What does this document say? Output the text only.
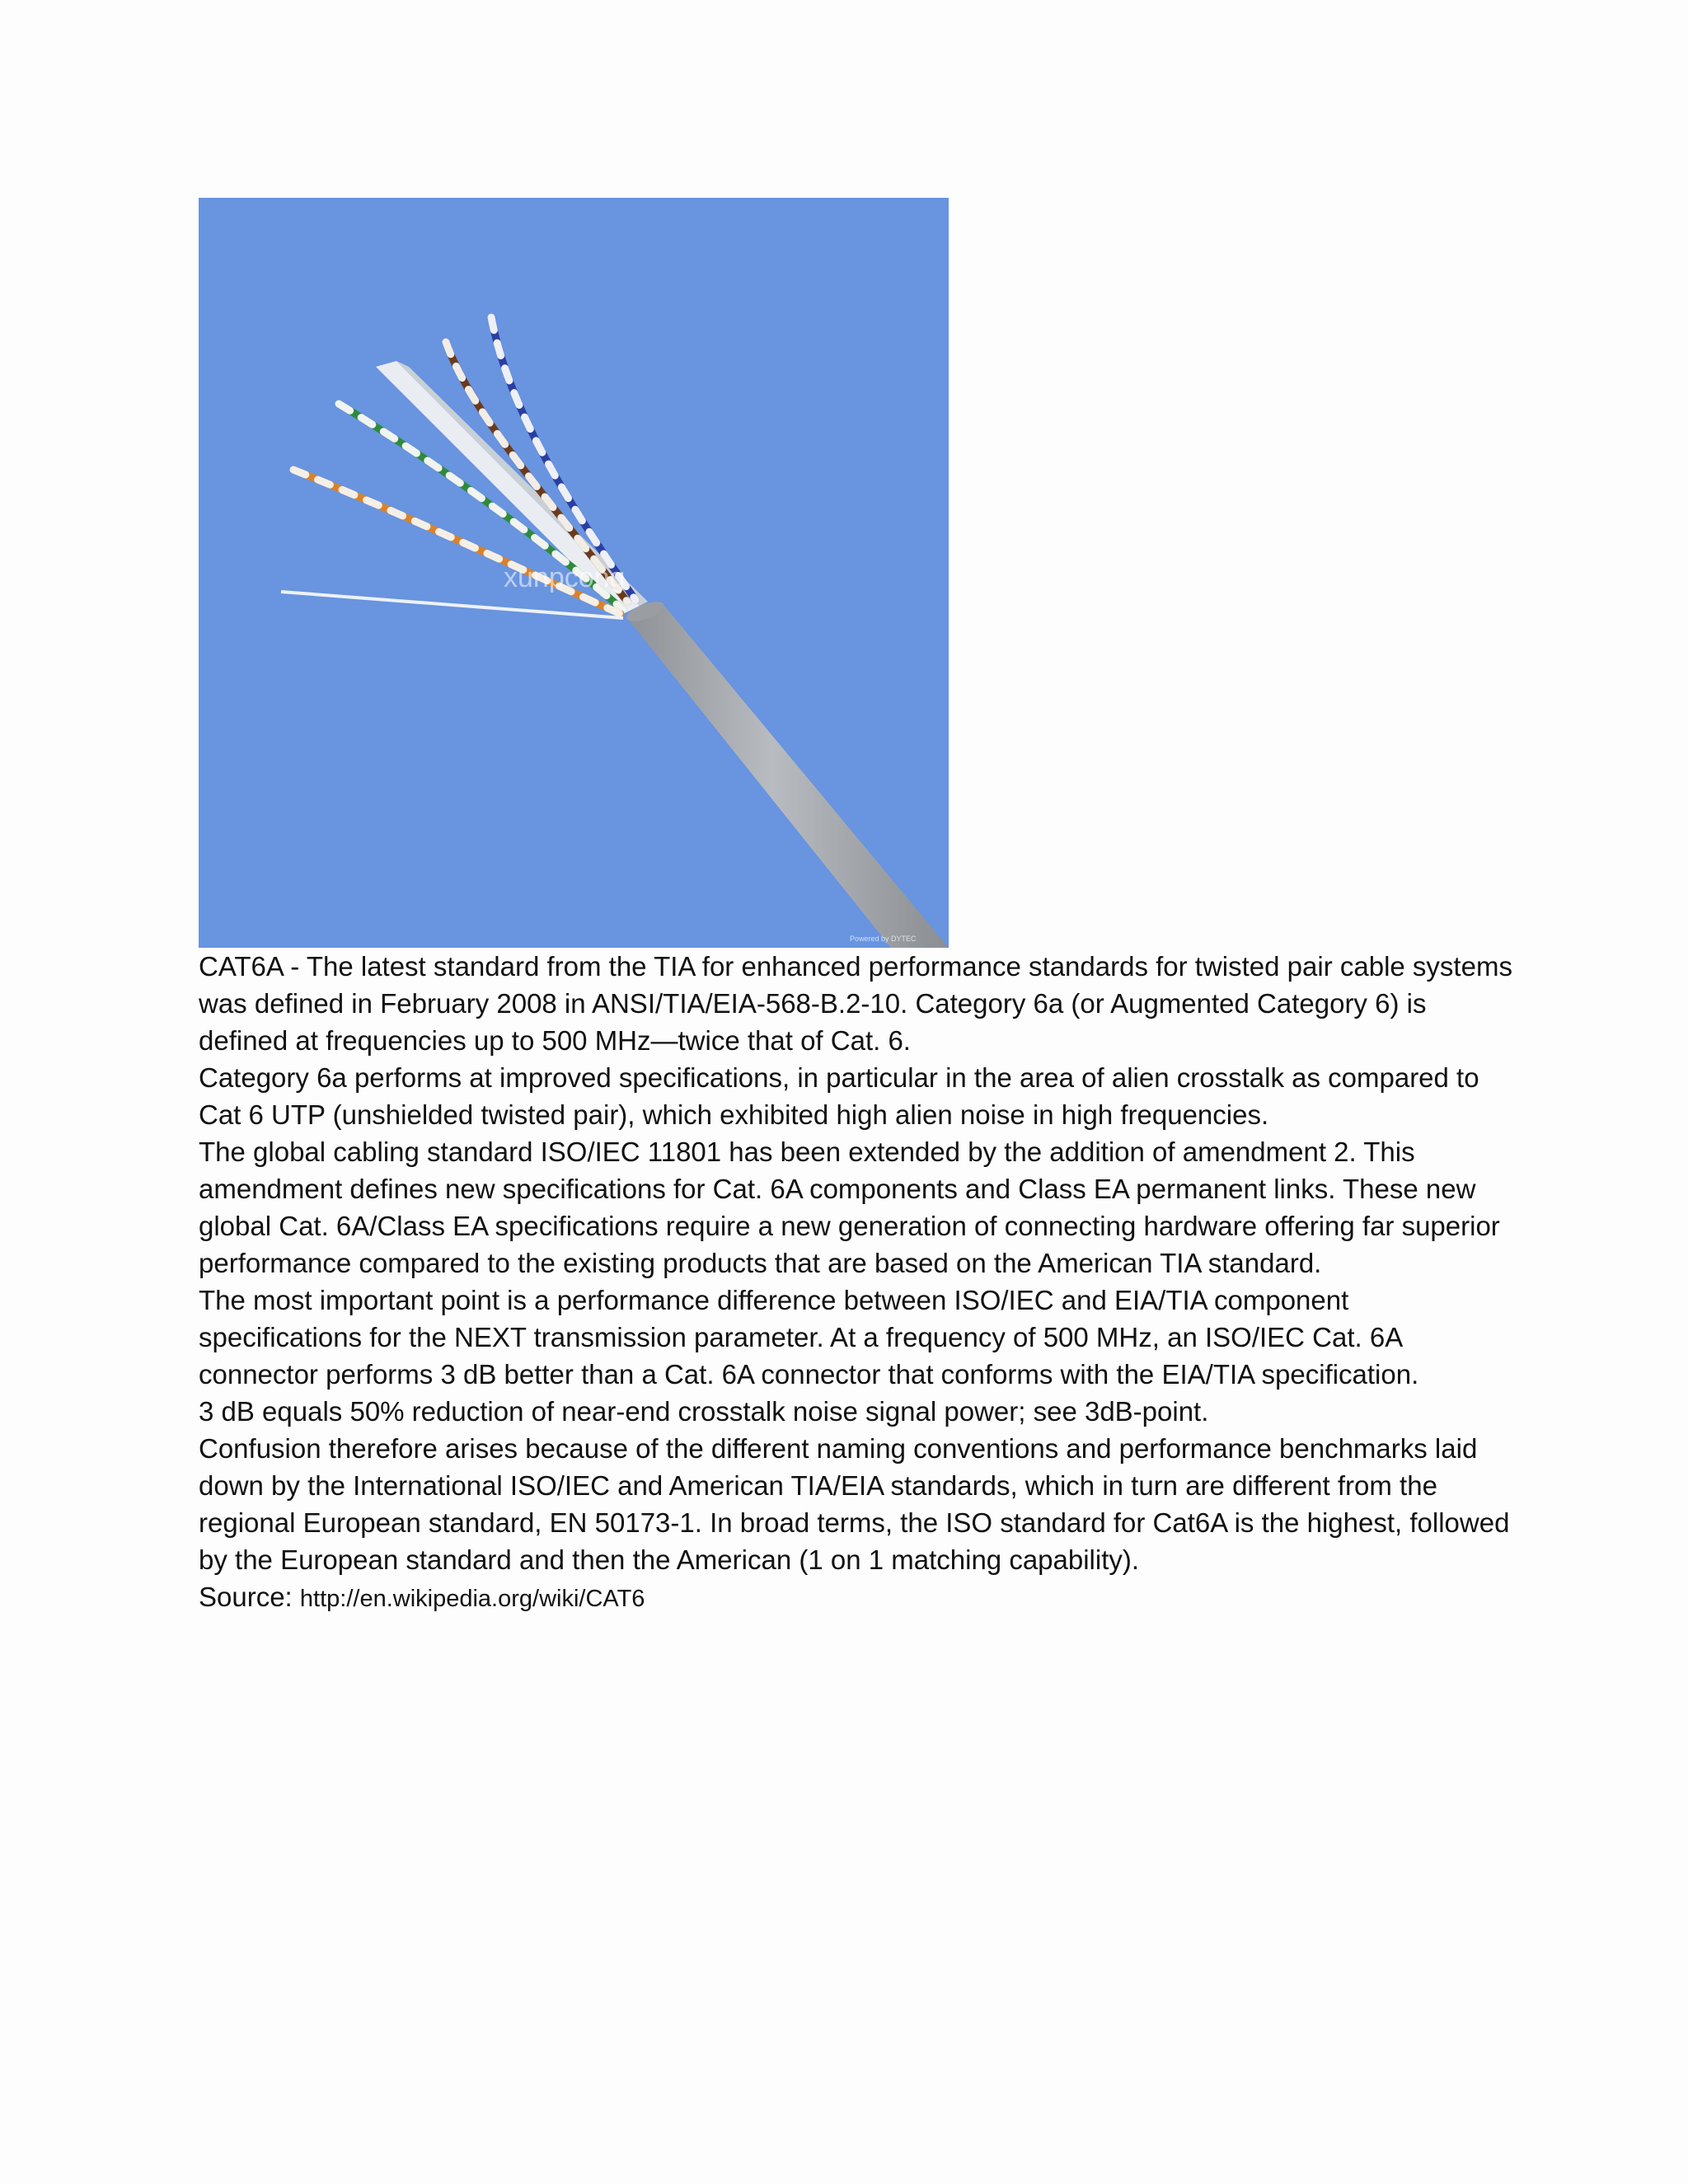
xunpcong
Powered by DYTEC

CAT6A - The latest standard from the TIA for enhanced performance standards for twisted pair cable systems was defined in February 2008 in ANSI/TIA/EIA-568-B.2-10. Category 6a (or Augmented Category 6) is defined at frequencies up to 500 MHz—twice that of Cat. 6.

Category 6a performs at improved specifications, in particular in the area of alien crosstalk as compared to Cat 6 UTP (unshielded twisted pair), which exhibited high alien noise in high frequencies.

The global cabling standard ISO/IEC 11801 has been extended by the addition of amendment 2. This amendment defines new specifications for Cat. 6A components and Class EA permanent links. These new global Cat. 6A/Class EA specifications require a new generation of connecting hardware offering far superior performance compared to the existing products that are based on the American TIA standard.

The most important point is a performance difference between ISO/IEC and EIA/TIA component specifications for the NEXT transmission parameter. At a frequency of 500 MHz, an ISO/IEC Cat. 6A connector performs 3 dB better than a Cat. 6A connector that conforms with the EIA/TIA specification.

3 dB equals 50% reduction of near-end crosstalk noise signal power; see 3dB-point.

Confusion therefore arises because of the different naming conventions and performance benchmarks laid down by the International ISO/IEC and American TIA/EIA standards, which in turn are different from the regional European standard, EN 50173-1. In broad terms, the ISO standard for Cat6A is the highest, followed by the European standard and then the American (1 on 1 matching capability).

Source: http://en.wikipedia.org/wiki/CAT6
